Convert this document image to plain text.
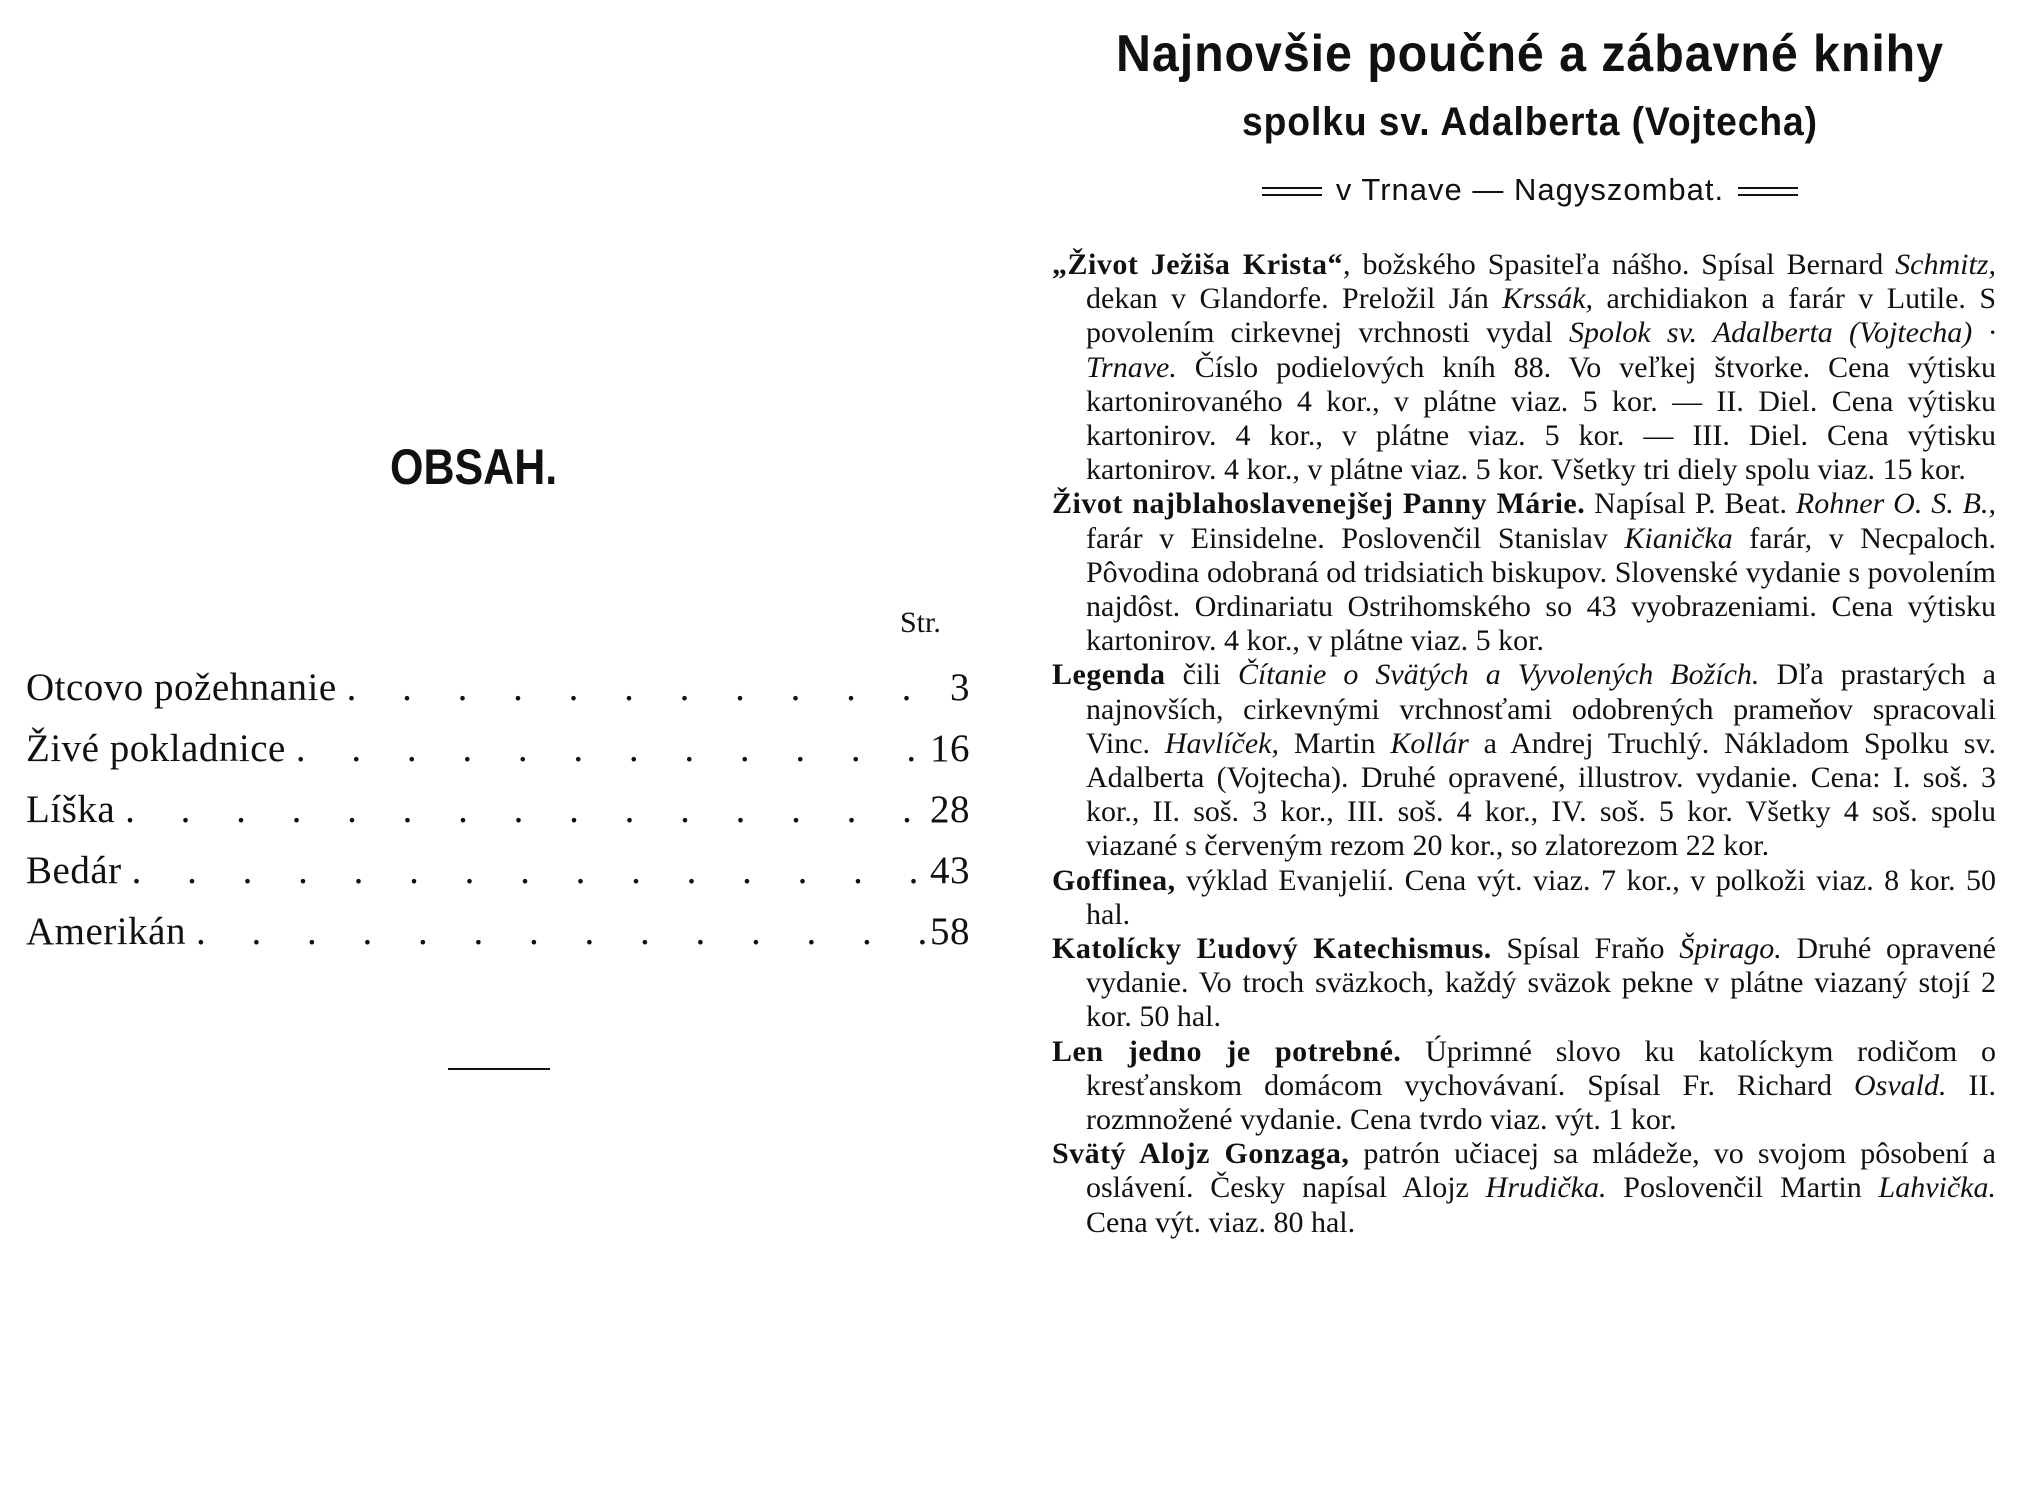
OBSAH.
Str.
Otcovo požehnanie . . .	3
Živé pokladnice . . .	16
Líška . . .	28
Bedár . . .	43
Amerikán . . .	58
Najnovšie poučné a zábavné knihy
spolku sv. Adalberta (Vojtecha)
v Trnave — Nagyszombat.

„Život Ježiša Krista“, božského Spasiteľa nášho. Spísal Bernard Schmitz, dekan v Glandorfe. Preložil Ján Krssák, archidiakon a farár v Lutile. S povolením cirkevnej vrchnosti vydal Spolok sv. Adalberta (Vojtecha) · Trnave. Číslo podielových kníh 88. Vo veľkej štvorke. Cena výtisku kartonirovaného 4 kor., v plátne viaz. 5 kor. — II. Diel. Cena výtisku kartonirov. 4 kor., v plátne viaz. 5 kor. — III. Diel. Cena výtisku kartonirov. 4 kor., v plátne viaz. 5 kor. Všetky tri diely spolu viaz. 15 kor.

Život najblahoslavenejšej Panny Márie. Napísal P. Beat. Rohner O. S. B., farár v Einsidelne. Poslovenčil Stanislav Kianička farár, v Necpaloch. Pôvodina odobraná od tridsiatich biskupov. Slovenské vydanie s povolením najdôst. Ordinariatu Ostrihomského so 43 vyobrazeniami. Cena výtisku kartonirov. 4 kor., v plátne viaz. 5 kor.

Legenda čili Čítanie o Svätých a Vyvolených Božích. Dľa prastarých a najnovších, cirkevnými vrchnosťami odobrených prameňov spracovali Vinc. Havlíček, Martin Kollár a Andrej Truchlý. Nákladom Spolku sv. Adalberta (Vojtecha). Druhé opravené, illustrov. vydanie. Cena: I. soš. 3 kor., II. soš. 3 kor., III. soš. 4 kor., IV. soš. 5 kor. Všetky 4 soš. spolu viazané s červeným rezom 20 kor., so zlatorezom 22 kor.

Goffinea, výklad Evanjelií. Cena výt. viaz. 7 kor., v polkoži viaz. 8 kor. 50 hal.

Katolícky Ľudový Katechismus. Spísal Fraňo Špirago. Druhé opravené vydanie. Vo troch sväzkoch, každý sväzok pekne v plátne viazaný stojí 2 kor. 50 hal.

Len jedno je potrebné. Úprimné slovo ku katolíckym rodičom o kresťanskom domácom vychovávaní. Spísal Fr. Richard Osvald. II. rozmnožené vydanie. Cena tvrdo viaz. výt. 1 kor.

Svätý Alojz Gonzaga, patrón učiacej sa mládeže, vo svojom pôsobení a oslávení. Česky napísal Alojz Hrudička. Poslovenčil Martin Lahvička. Cena výt. viaz. 80 hal.
